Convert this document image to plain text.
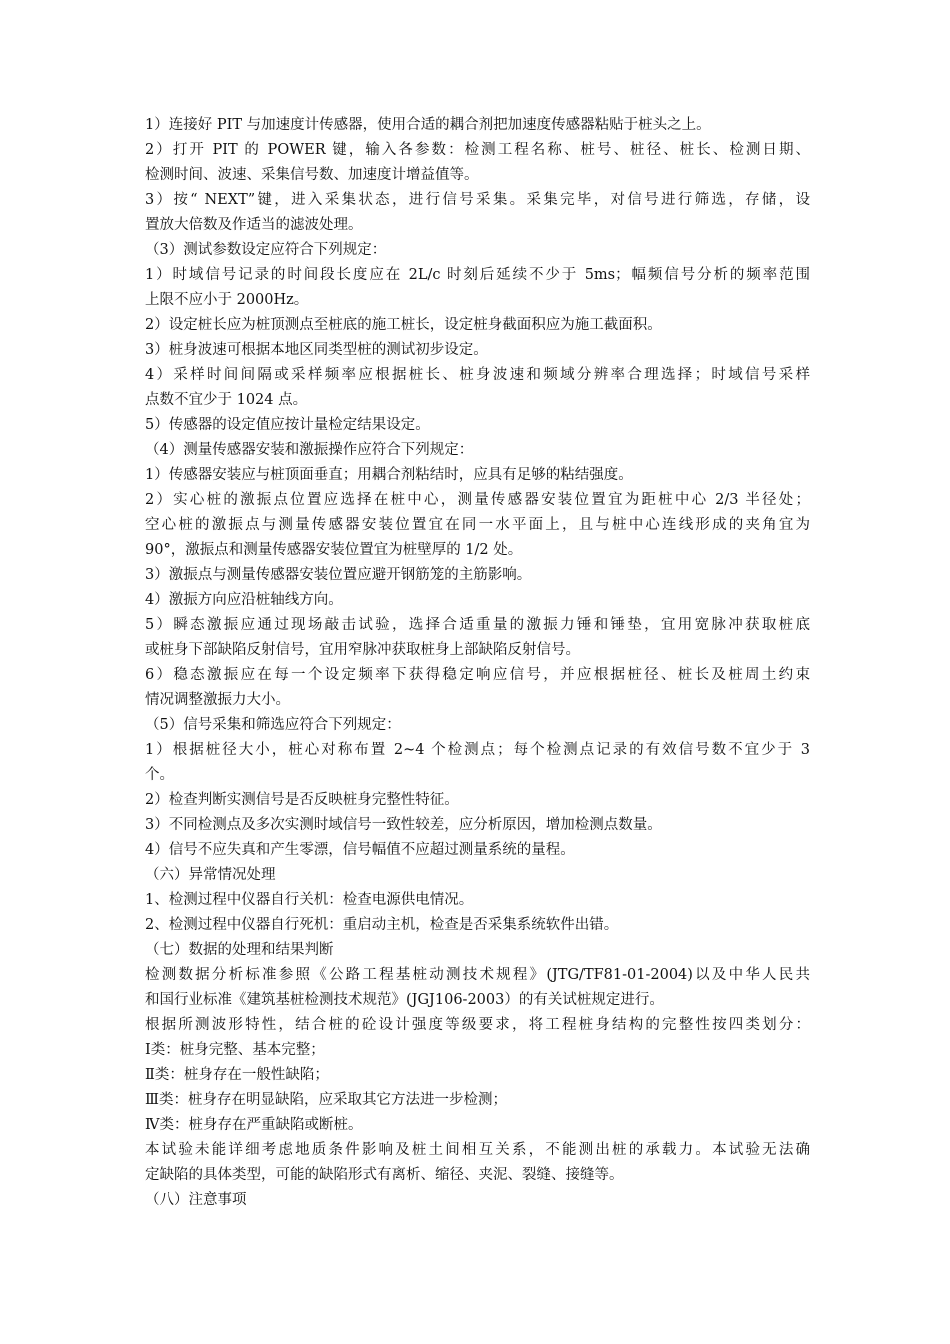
1）连接好 PIT 与加速度计传感器，使用合适的耦合剂把加速度传感器粘贴于桩头之上。
2）打开 PIT 的 POWER 键，输入各参数：检测工程名称、桩号、桩径、桩长、检测日期、
检测时间、波速、采集信号数、加速度计增益值等。
3）按“ NEXT”键，进入采集状态，进行信号采集。采集完毕，对信号进行筛选，存储，设
置放大倍数及作适当的滤波处理。
（3）测试参数设定应符合下列规定：
1）时域信号记录的时间段长度应在 2L/c 时刻后延续不少于 5ms；幅频信号分析的频率范围
上限不应小于 2000Hz。
2）设定桩长应为桩顶测点至桩底的施工桩长，设定桩身截面积应为施工截面积。
3）桩身波速可根据本地区同类型桩的测试初步设定。
4）采样时间间隔或采样频率应根据桩长、桩身波速和频域分辨率合理选择；时域信号采样
点数不宜少于 1024 点。
5）传感器的设定值应按计量检定结果设定。
（4）测量传感器安装和激振操作应符合下列规定：
1）传感器安装应与桩顶面垂直；用耦合剂粘结时，应具有足够的粘结强度。
2）实心桩的激振点位置应选择在桩中心，测量传感器安装位置宜为距桩中心 2/3 半径处；
空心桩的激振点与测量传感器安装位置宜在同一水平面上，且与桩中心连线形成的夹角宜为
90°，激振点和测量传感器安装位置宜为桩壁厚的 1/2 处。
3）激振点与测量传感器安装位置应避开钢筋笼的主筋影响。
4）激振方向应沿桩轴线方向。
5）瞬态激振应通过现场敲击试验，选择合适重量的激振力锤和锤垫，宜用宽脉冲获取桩底
或桩身下部缺陷反射信号，宜用窄脉冲获取桩身上部缺陷反射信号。
6）稳态激振应在每一个设定频率下获得稳定响应信号，并应根据桩径、桩长及桩周土约束
情况调整激振力大小。
（5）信号采集和筛选应符合下列规定：
1）根据桩径大小，桩心对称布置 2~4 个检测点；每个检测点记录的有效信号数不宜少于 3
个。
2）检查判断实测信号是否反映桩身完整性特征。
3）不同检测点及多次实测时域信号一致性较差，应分析原因，增加检测点数量。
4）信号不应失真和产生零漂，信号幅值不应超过测量系统的量程。
（六）异常情况处理
1、检测过程中仪器自行关机：检查电源供电情况。
2、检测过程中仪器自行死机：重启动主机，检查是否采集系统软件出错。
（七）数据的处理和结果判断
检测数据分析标准参照《公路工程基桩动测技术规程》(JTG/TF81-01-2004)以及中华人民共
和国行业标准《建筑基桩检测技术规范》(JGJ106-2003）的有关试桩规定进行。
根据所测波形特性，结合桩的砼设计强度等级要求，将工程桩身结构的完整性按四类划分：
Ⅰ类：桩身完整、基本完整；
Ⅱ类：桩身存在一般性缺陷；
Ⅲ类：桩身存在明显缺陷，应采取其它方法进一步检测；
Ⅳ类：桩身存在严重缺陷或断桩。
本试验未能详细考虑地质条件影响及桩土间相互关系，不能测出桩的承载力。本试验无法确
定缺陷的具体类型，可能的缺陷形式有离析、缩径、夹泥、裂缝、接缝等。
（八）注意事项
